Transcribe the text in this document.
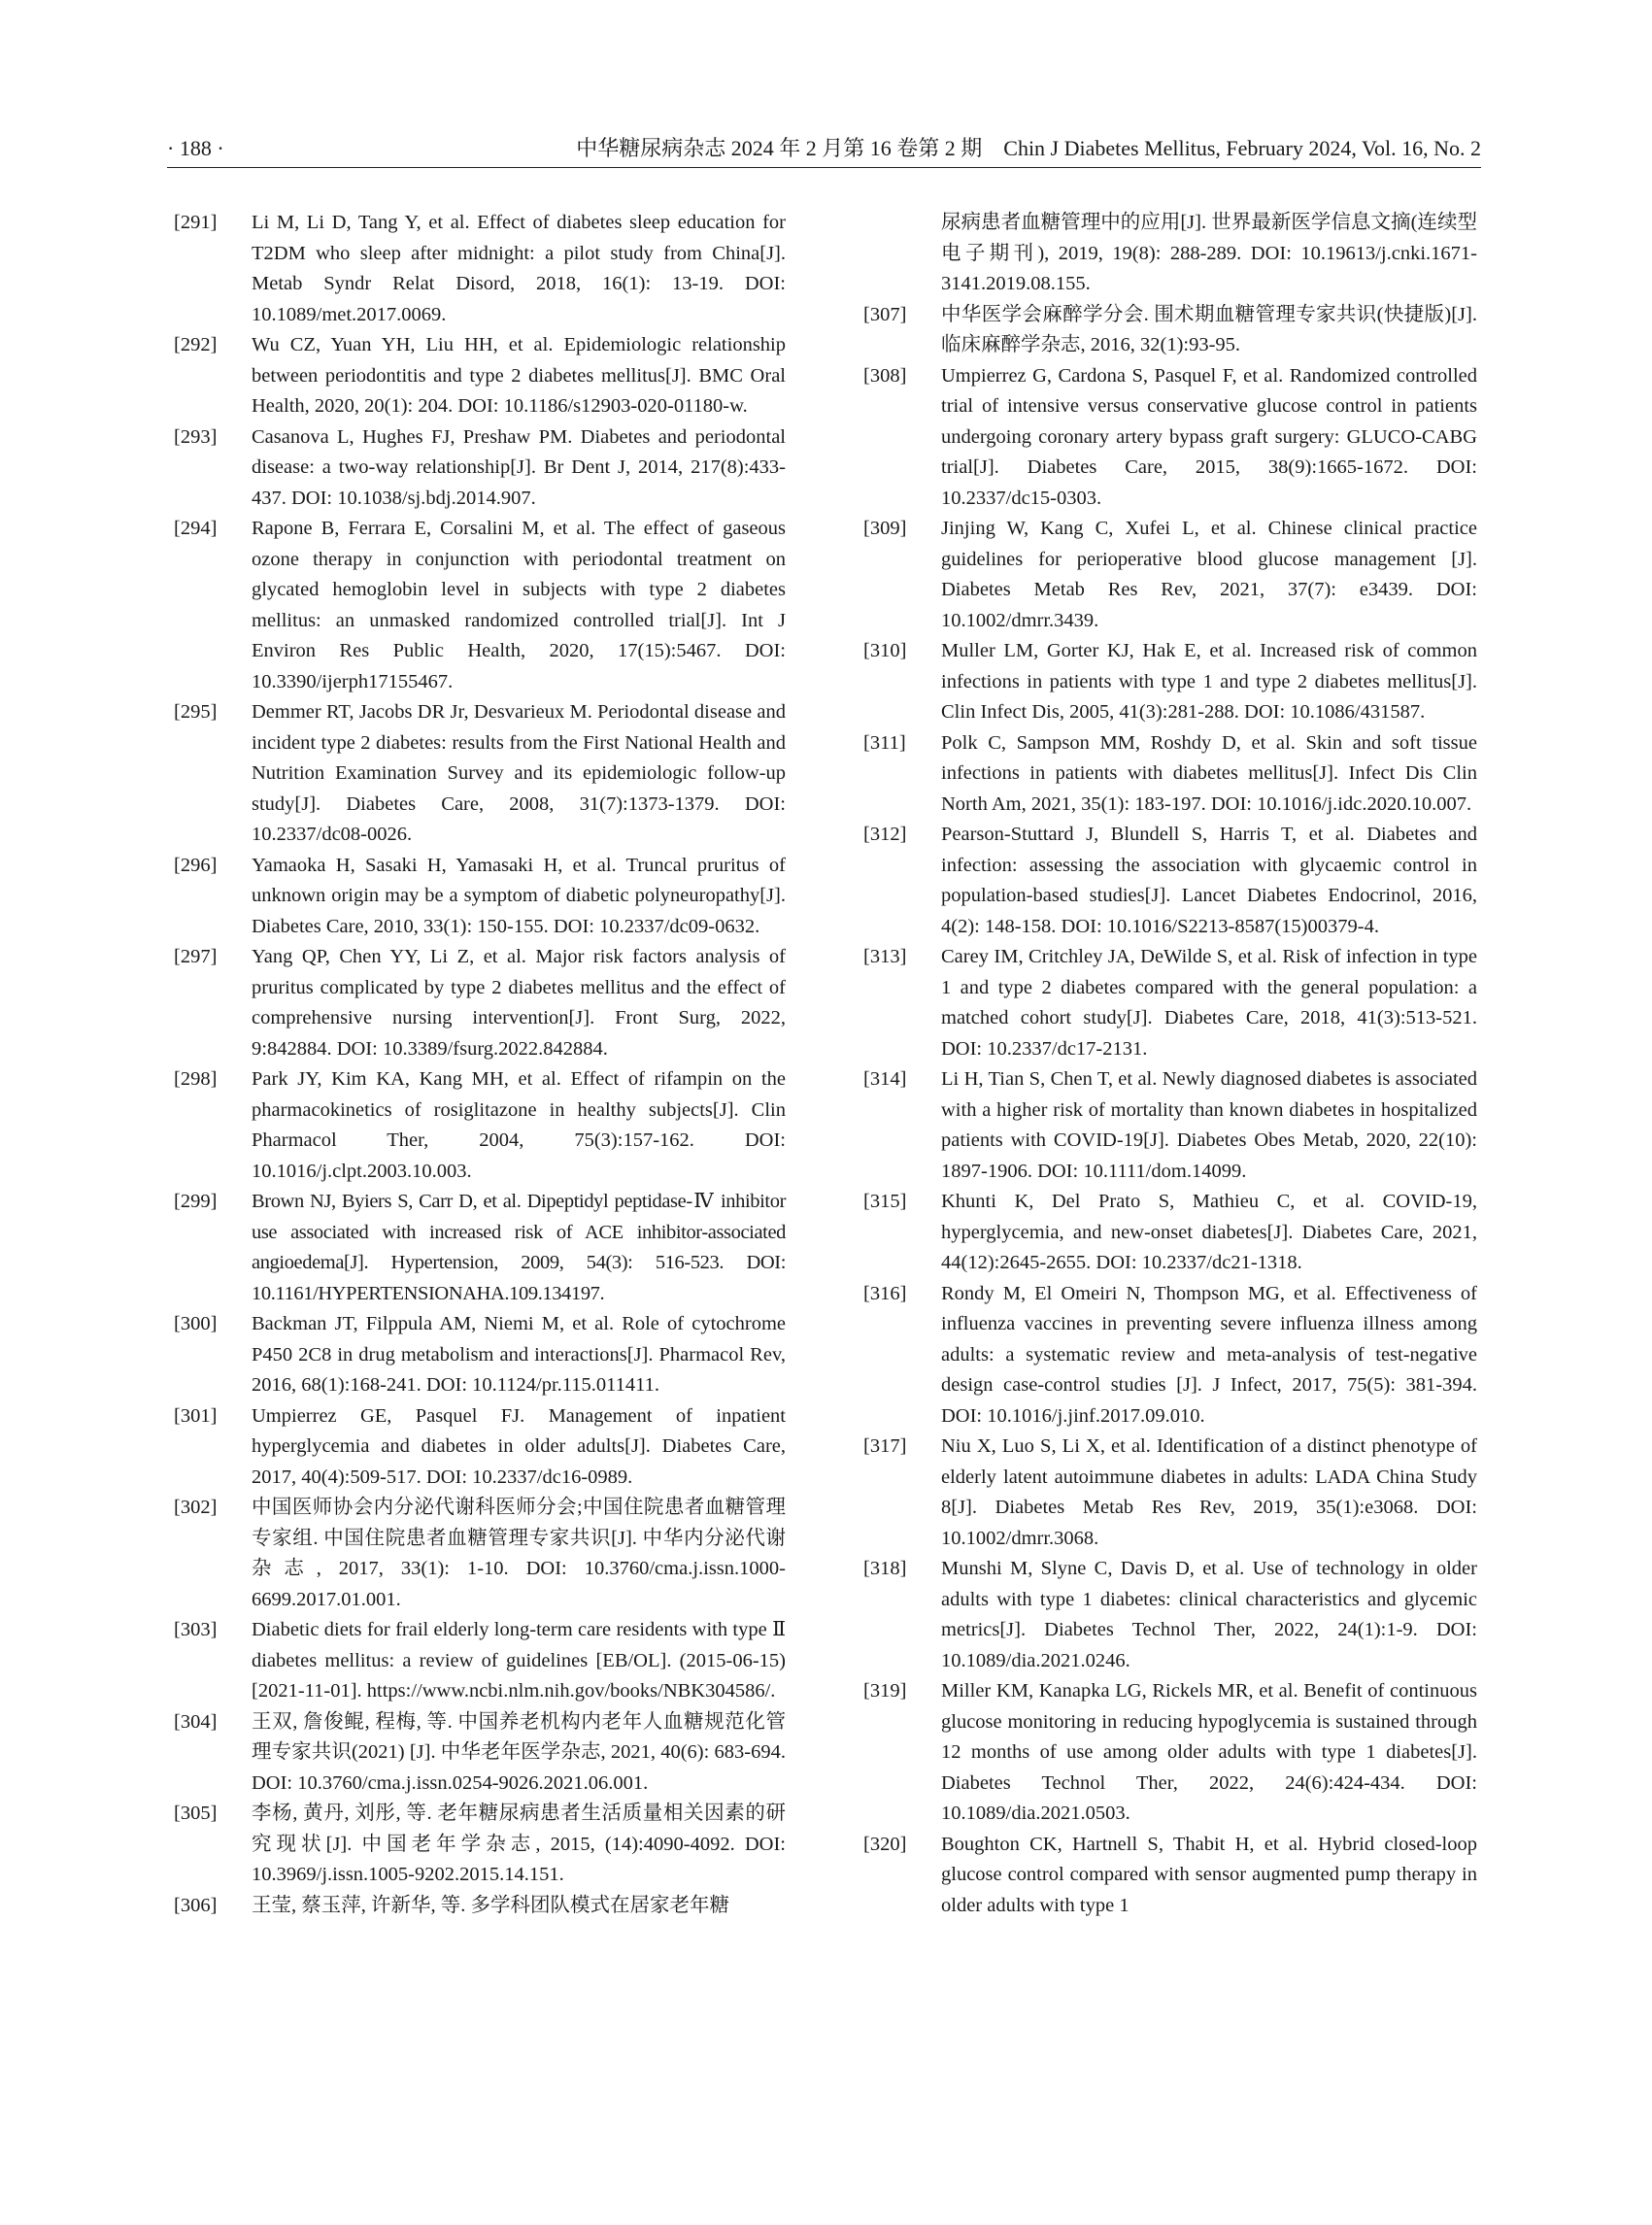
· 188 ·	中华糖尿病杂志 2024 年 2 月第 16 卷第 2 期　Chin J Diabetes Mellitus, February 2024, Vol. 16, No. 2
[291]	Li M, Li D, Tang Y, et al. Effect of diabetes sleep education for T2DM who sleep after midnight: a pilot study from China[J]. Metab Syndr Relat Disord, 2018, 16(1): 13-19. DOI: 10.1089/met.2017.0069.
[292]	Wu CZ, Yuan YH, Liu HH, et al. Epidemiologic relationship between periodontitis and type 2 diabetes mellitus[J]. BMC Oral Health, 2020, 20(1): 204. DOI: 10.1186/s12903-020-01180-w.
[293]	Casanova L, Hughes FJ, Preshaw PM. Diabetes and periodontal disease: a two-way relationship[J]. Br Dent J, 2014, 217(8):433-437. DOI: 10.1038/sj.bdj.2014.907.
[294]	Rapone B, Ferrara E, Corsalini M, et al. The effect of gaseous ozone therapy in conjunction with periodontal treatment on glycated hemoglobin level in subjects with type 2 diabetes mellitus: an unmasked randomized controlled trial[J]. Int J Environ Res Public Health, 2020, 17(15):5467. DOI: 10.3390/ijerph17155467.
[295]	Demmer RT, Jacobs DR Jr, Desvarieux M. Periodontal disease and incident type 2 diabetes: results from the First National Health and Nutrition Examination Survey and its epidemiologic follow-up study[J]. Diabetes Care, 2008, 31(7):1373-1379. DOI: 10.2337/dc08-0026.
[296]	Yamaoka H, Sasaki H, Yamasaki H, et al. Truncal pruritus of unknown origin may be a symptom of diabetic polyneuropathy[J]. Diabetes Care, 2010, 33(1): 150-155. DOI: 10.2337/dc09-0632.
[297]	Yang QP, Chen YY, Li Z, et al. Major risk factors analysis of pruritus complicated by type 2 diabetes mellitus and the effect of comprehensive nursing intervention[J]. Front Surg, 2022, 9:842884. DOI: 10.3389/fsurg.2022.842884.
[298]	Park JY, Kim KA, Kang MH, et al. Effect of rifampin on the pharmacokinetics of rosiglitazone in healthy subjects[J]. Clin Pharmacol Ther, 2004, 75(3):157-162. DOI: 10.1016/j.clpt.2003.10.003.
[299]	Brown NJ, Byiers S, Carr D, et al. Dipeptidyl peptidase-Ⅳ inhibitor use associated with increased risk of ACE inhibitor-associated angioedema[J]. Hypertension, 2009, 54(3): 516-523. DOI: 10.1161/HYPERTENSIONAHA.109.134197.
[300]	Backman JT, Filppula AM, Niemi M, et al. Role of cytochrome P450 2C8 in drug metabolism and interactions[J]. Pharmacol Rev, 2016, 68(1):168-241. DOI: 10.1124/pr.115.011411.
[301]	Umpierrez GE, Pasquel FJ. Management of inpatient hyperglycemia and diabetes in older adults[J]. Diabetes Care, 2017, 40(4):509-517. DOI: 10.2337/dc16-0989.
[302]	中国医师协会内分泌代谢科医师分会;中国住院患者血糖管理专家组. 中国住院患者血糖管理专家共识[J]. 中华内分泌代谢杂志, 2017, 33(1): 1-10. DOI: 10.3760/cma.j.issn.1000-6699.2017.01.001.
[303]	Diabetic diets for frail elderly long-term care residents with type Ⅱ diabetes mellitus: a review of guidelines [EB/OL]. (2015-06-15) [2021-11-01]. https://www.ncbi.nlm.nih.gov/books/NBK304586/.
[304]	王双, 詹俊鲲, 程梅, 等. 中国养老机构内老年人血糖规范化管理专家共识(2021) [J]. 中华老年医学杂志, 2021, 40(6): 683-694. DOI: 10.3760/cma.j.issn.0254-9026.2021.06.001.
[305]	李杨, 黄丹, 刘彤, 等. 老年糖尿病患者生活质量相关因素的研究现状[J]. 中国老年学杂志, 2015, (14):4090-4092. DOI: 10.3969/j.issn.1005-9202.2015.14.151.
[306]	王莹, 蔡玉萍, 许新华, 等. 多学科团队模式在居家老年糖
尿病患者血糖管理中的应用[J]. 世界最新医学信息文摘(连续型电子期刊), 2019, 19(8): 288-289. DOI: 10.19613/j.cnki.1671-3141.2019.08.155.
[307]	中华医学会麻醉学分会. 围术期血糖管理专家共识(快捷版)[J]. 临床麻醉学杂志, 2016, 32(1):93-95.
[308]	Umpierrez G, Cardona S, Pasquel F, et al. Randomized controlled trial of intensive versus conservative glucose control in patients undergoing coronary artery bypass graft surgery: GLUCO-CABG trial[J]. Diabetes Care, 2015, 38(9):1665-1672. DOI: 10.2337/dc15-0303.
[309]	Jinjing W, Kang C, Xufei L, et al. Chinese clinical practice guidelines for perioperative blood glucose management [J]. Diabetes Metab Res Rev, 2021, 37(7): e3439. DOI: 10.1002/dmrr.3439.
[310]	Muller LM, Gorter KJ, Hak E, et al. Increased risk of common infections in patients with type 1 and type 2 diabetes mellitus[J]. Clin Infect Dis, 2005, 41(3):281-288. DOI: 10.1086/431587.
[311]	Polk C, Sampson MM, Roshdy D, et al. Skin and soft tissue infections in patients with diabetes mellitus[J]. Infect Dis Clin North Am, 2021, 35(1): 183-197. DOI: 10.1016/j.idc.2020.10.007.
[312]	Pearson-Stuttard J, Blundell S, Harris T, et al. Diabetes and infection: assessing the association with glycaemic control in population-based studies[J]. Lancet Diabetes Endocrinol, 2016, 4(2): 148-158. DOI: 10.1016/S2213-8587(15)00379-4.
[313]	Carey IM, Critchley JA, DeWilde S, et al. Risk of infection in type 1 and type 2 diabetes compared with the general population: a matched cohort study[J]. Diabetes Care, 2018, 41(3):513-521. DOI: 10.2337/dc17-2131.
[314]	Li H, Tian S, Chen T, et al. Newly diagnosed diabetes is associated with a higher risk of mortality than known diabetes in hospitalized patients with COVID-19[J]. Diabetes Obes Metab, 2020, 22(10): 1897-1906. DOI: 10.1111/dom.14099.
[315]	Khunti K, Del Prato S, Mathieu C, et al. COVID-19, hyperglycemia, and new-onset diabetes[J]. Diabetes Care, 2021, 44(12):2645-2655. DOI: 10.2337/dc21-1318.
[316]	Rondy M, El Omeiri N, Thompson MG, et al. Effectiveness of influenza vaccines in preventing severe influenza illness among adults: a systematic review and meta-analysis of test-negative design case-control studies [J]. J Infect, 2017, 75(5): 381-394. DOI: 10.1016/j.jinf.2017.09.010.
[317]	Niu X, Luo S, Li X, et al. Identification of a distinct phenotype of elderly latent autoimmune diabetes in adults: LADA China Study 8[J]. Diabetes Metab Res Rev, 2019, 35(1):e3068. DOI: 10.1002/dmrr.3068.
[318]	Munshi M, Slyne C, Davis D, et al. Use of technology in older adults with type 1 diabetes: clinical characteristics and glycemic metrics[J]. Diabetes Technol Ther, 2022, 24(1):1-9. DOI: 10.1089/dia.2021.0246.
[319]	Miller KM, Kanapka LG, Rickels MR, et al. Benefit of continuous glucose monitoring in reducing hypoglycemia is sustained through 12 months of use among older adults with type 1 diabetes[J]. Diabetes Technol Ther, 2022, 24(6):424-434. DOI: 10.1089/dia.2021.0503.
[320]	Boughton CK, Hartnell S, Thabit H, et al. Hybrid closed-loop glucose control compared with sensor augmented pump therapy in older adults with type 1
